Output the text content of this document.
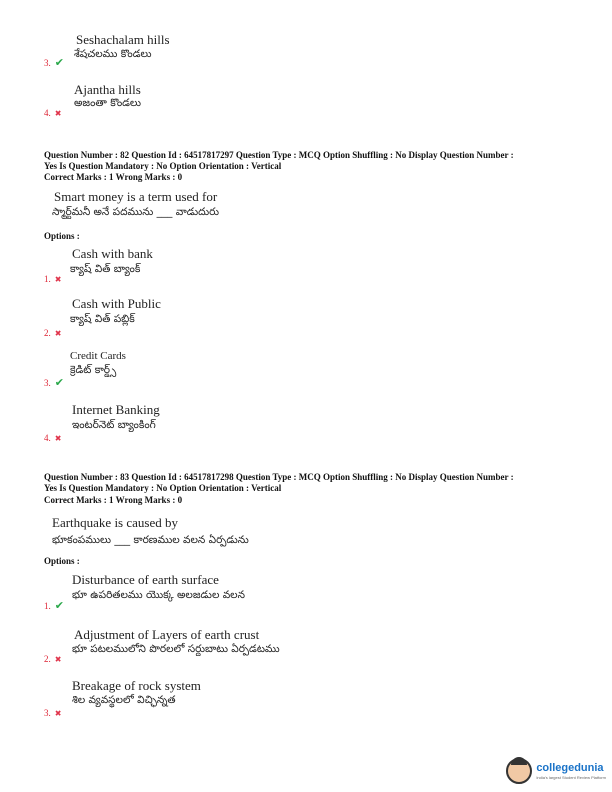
Seshachalam hills
3. ✔
శేషచలము కొండలు
Ajantha hills
4. ✖
అజంతా కొండలు
Question Number : 82 Question Id : 64517817297 Question Type : MCQ Option Shuffling : No Display Question Number :
Yes Is Question Mandatory : No Option Orientation : Vertical
Correct Marks : 1 Wrong Marks : 0
Smart money is a term used for
స్మార్ట్‌మనీ అనే పదమును ___ వాడుదురు
Options :
Cash with bank
1. ✖
క్యాష్ విత్ బ్యాంక్
Cash with Public
2. ✖
క్యాష్ విత్ పబ్లిక్
Credit Cards
3. ✔
క్రెడిట్ కార్డ్స్
Internet Banking
4. ✖
ఇంటర్‌నెట్ బ్యాంకింగ్
Question Number : 83 Question Id : 64517817298 Question Type : MCQ Option Shuffling : No Display Question Number :
Yes Is Question Mandatory : No Option Orientation : Vertical
Correct Marks : 1 Wrong Marks : 0
Earthquake is caused by
భూకంపములు ___ కారణముల వలన ఏర్పడును
Options :
Disturbance of earth surface
1. ✔
భూ ఉపరితలము యొక్క అలజడుల వలన
Adjustment of Layers of earth crust
2. ✖
భూ పటలములోని పొరలలో సర్దుబాటు ఏర్పడటము
Breakage of rock system
3. ✖
శిల వ్యవస్థలలో విచ్ఛిన్నత
collegedunia
India's largest Student Review Platform
